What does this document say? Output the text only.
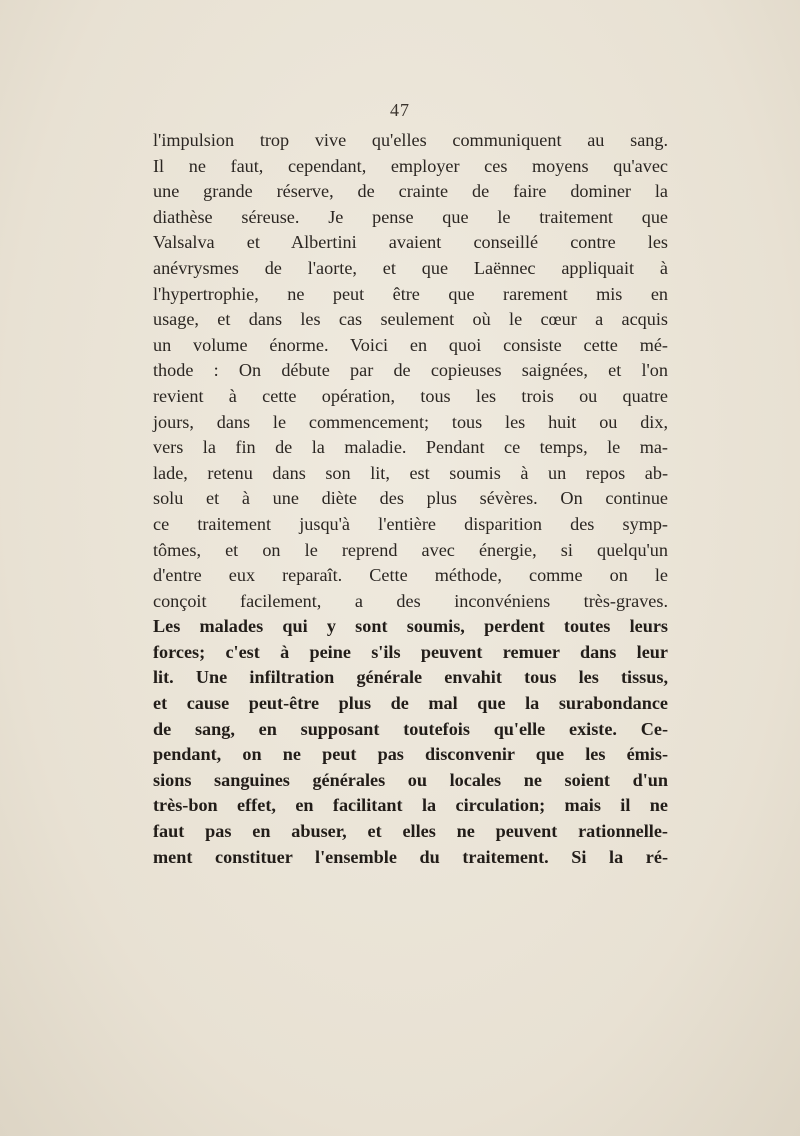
47
l'impulsion trop vive qu'elles communiquent au sang.
Il ne faut, cependant, employer ces moyens qu'avec
une grande réserve, de crainte de faire dominer la
diathèse séreuse. Je pense que le traitement que
Valsalva et Albertini avaient conseillé contre les
anévrysmes de l'aorte, et que Laënnec appliquait à
l'hypertrophie, ne peut être que rarement mis en
usage, et dans les cas seulement où le cœur a acquis
un volume énorme. Voici en quoi consiste cette mé-
thode : On débute par de copieuses saignées, et l'on
revient à cette opération, tous les trois ou quatre
jours, dans le commencement; tous les huit ou dix,
vers la fin de la maladie. Pendant ce temps, le ma-
lade, retenu dans son lit, est soumis à un repos ab-
solu et à une diète des plus sévères. On continue
ce traitement jusqu'à l'entière disparition des symp-
tômes, et on le reprend avec énergie, si quelqu'un
d'entre eux reparaît. Cette méthode, comme on le
conçoit facilement, a des inconvéniens très-graves.
Les malades qui y sont soumis, perdent toutes leurs
forces; c'est à peine s'ils peuvent remuer dans leur
lit. Une infiltration générale envahit tous les tissus,
et cause peut-être plus de mal que la surabondance
de sang, en supposant toutefois qu'elle existe. Ce-
pendant, on ne peut pas disconvenir que les émis-
sions sanguines générales ou locales ne soient d'un
très-bon effet, en facilitant la circulation; mais il ne
faut pas en abuser, et elles ne peuvent rationnelle-
ment constituer l'ensemble du traitement. Si la ré-
